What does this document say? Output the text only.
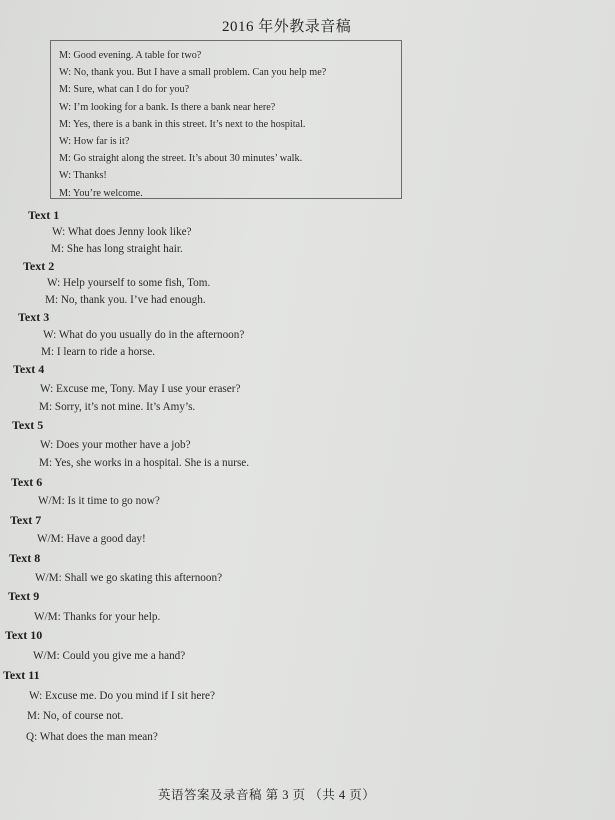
2016 年外教录音稿
M: Good evening. A table for two?
W: No, thank you. But I have a small problem. Can you help me?
M: Sure, what can I do for you?
W: I’m looking for a bank. Is there a bank near here?
M: Yes, there is a bank in this street. It’s next to the hospital.
W: How far is it?
M: Go straight along the street. It’s about 30 minutes’ walk.
W: Thanks!
M: You’re welcome.
Text 1
W: What does Jenny look like?
M: She has long straight hair.
Text 2
W: Help yourself to some fish, Tom.
M: No, thank you. I’ve had enough.
Text 3
W: What do you usually do in the afternoon?
M: I learn to ride a horse.
Text 4
W: Excuse me, Tony. May I use your eraser?
M: Sorry, it’s not mine. It’s Amy’s.
Text 5
W: Does your mother have a job?
M: Yes, she works in a hospital. She is a nurse.
Text 6
W/M: Is it time to go now?
Text 7
W/M: Have a good day!
Text 8
W/M: Shall we go skating this afternoon?
Text 9
W/M: Thanks for your help.
Text 10
W/M: Could you give me a hand?
Text 11
W: Excuse me. Do you mind if I sit here?
M: No, of course not.
Q: What does the man mean?
英语答案及录音稿 第 3 页 （共 4 页）
